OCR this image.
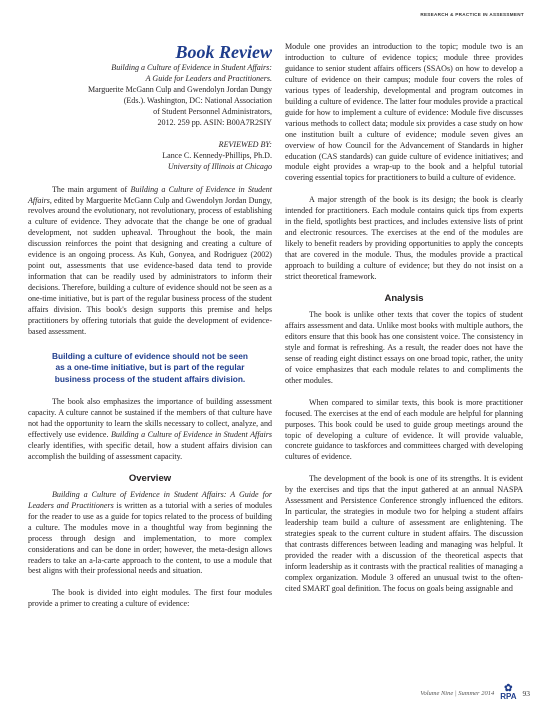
RESEARCH & PRACTICE IN ASSESSMENT
Book Review
Building a Culture of Evidence in Student Affairs:
A Guide for Leaders and Practitioners.
Marguerite McGann Culp and Gwendolyn Jordan Dungy
(Eds.). Washington, DC: National Association
of Student Personnel Administrators,
2012. 259 pp. ASIN: B00A7R2SIY
REVIEWED BY:
Lance C. Kennedy-Phillips, Ph.D.
University of Illinois at Chicago

The main argument of Building a Culture of Evidence in Student Affairs, edited by Marguerite McGann Culp and Gwendolyn Jordan Dungy, revolves around the evolutionary, not revolutionary, process of establishing a culture of evidence. They advocate that the change be one of gradual development, not sudden upheaval. Throughout the book, the main discussion reinforces the point that designing and creating a culture of evidence is an ongoing process. As Kuh, Gonyea, and Rodriguez (2002) point out, assessments that use evidence-based data tend to provide information that can be readily used by administrators to inform their decisions. Therefore, building a culture of evidence should not be seen as a one-time initiative, but is part of the regular business process of the student affairs division. This book's design supports this premise and helps practitioners by offering tutorials that guide the development of evidence-based assessment.

Building a culture of evidence should not be seen as a one-time initiative, but is part of the regular business process of the student affairs division.

The book also emphasizes the importance of building assessment capacity. A culture cannot be sustained if the members of that culture have not had the opportunity to learn the skills necessary to collect, analyze, and effectively use evidence. Building a Culture of Evidence in Student Affairs clearly identifies, with specific detail, how a student affairs division can accomplish the building of assessment capacity.

Overview

Building a Culture of Evidence in Student Affairs: A Guide for Leaders and Practitioners is written as a tutorial with a series of modules for the reader to use as a guide for topics related to the process of building a culture. The modules move in a thoughtful way from beginning the process through design and implementation, to more complex considerations and can be done in order; however, the meta-design allows readers to take an a-la-carte approach to the content, to use a module that best aligns with their professional needs and situation.

The book is divided into eight modules. The first four modules provide a primer to creating a culture of evidence:

Module one provides an introduction to the topic; module two is an introduction to culture of evidence topics; module three provides guidance to senior student affairs officers (SSAOs) on how to develop a culture of evidence on their campus; module four covers the roles of various types of leadership, developmental and program outcomes in building a culture of evidence. The latter four modules provide a practical guide for how to implement a culture of evidence: Module five discusses various methods to collect data; module six provides a case study on how one institution built a culture of evidence; module seven gives an overview of how Council for the Advancement of Standards in higher education (CAS standards) can guide culture of evidence initiatives; and module eight provides a wrap-up to the book and a helpful tutorial covering essential topics for practitioners to build a culture of evidence.

A major strength of the book is its design; the book is clearly intended for practitioners. Each module contains quick tips from experts in the field, spotlights best practices, and includes extensive lists of print and electronic resources. The exercises at the end of the modules are likely to benefit readers by providing opportunities to apply the concepts that are covered in the module. Thus, the modules provide a practical approach to building a culture of evidence; but they do not insist on a strict theoretical framework.

Analysis

The book is unlike other texts that cover the topics of student affairs assessment and data. Unlike most books with multiple authors, the editors ensure that this book has one consistent voice. The consistency in style and format is refreshing. As a result, the reader does not have the sense of reading eight distinct essays on one broad topic, rather, the unity of voice emphasizes that each module relates to and compliments the other modules.

When compared to similar texts, this book is more practitioner focused. The exercises at the end of each module are helpful for planning purposes. This book could be used to guide group meetings around the topic of developing a culture of evidence. It will provide valuable, concrete guidance to taskforces and committees charged with developing cultures of evidence.

The development of the book is one of its strengths. It is evident by the exercises and tips that the input gathered at an annual NASPA Assessment and Persistence Conference strongly influenced the editors. In particular, the strategies in module two for helping a student affairs leadership team build a culture of assessment are enlightening. The strategies speak to the current culture in student affairs. The discussion that contrasts differences between leading and managing was helpful. It provided the reader with a discussion of the theoretical aspects that inform leadership as it contrasts with the practical realities of managing a complex organization. Module 3 offered an unusual twist to the often-cited SMART goal definition. The focus on goals being assignable and

Volume Nine | Summer 2014 ✿
RPA 93
